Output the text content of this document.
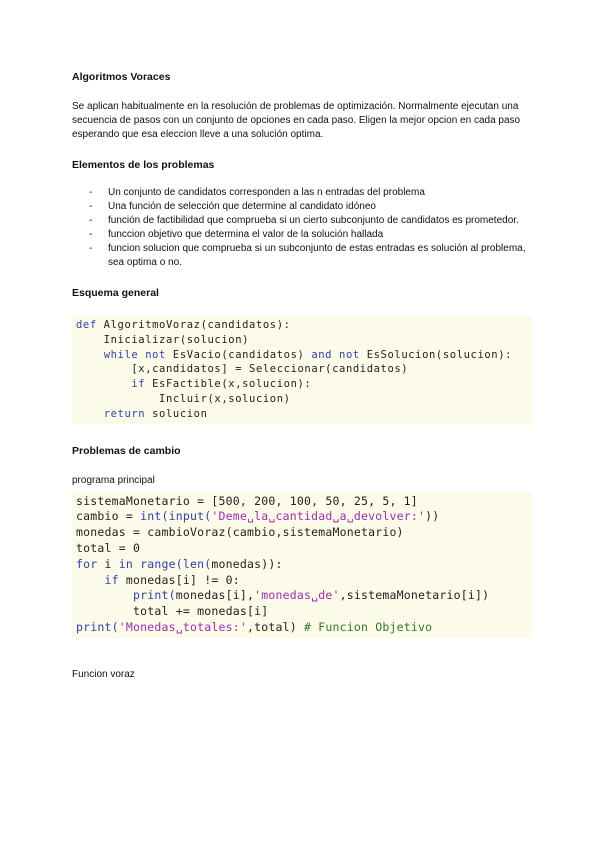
Algoritmos Voraces

Se aplican habitualmente en la resolución de problemas de optimización. Normalmente ejecutan una secuencia de pasos con un conjunto de opciones en cada paso. Eligen la mejor opcion en cada paso esperando que esa eleccion lleve a una solución optima.

Elementos de los problemas
- Un conjunto de candidatos corresponden a las n entradas del problema
- Una función de selección que determine al candidato idóneo
- función de factibilidad que comprueba si un cierto subconjunto de candidatos es prometedor.
- funccion objetivo que determina el valor de la solución hallada
- funcion solucion que comprueba si un subconjunto de estas entradas es solución al problema, sea optima o no.
Esquema general
def AlgoritmoVoraz(candidatos):
Inicializar(solucion)
while not EsVacio(candidatos) and not EsSolucion(solucion):
[x,candidatos] = Seleccionar(candidatos)
if EsFactible(x,solucion):
Incluir(x,solucion)
return solucion
Problemas de cambio

programa principal

sistemaMonetario = [500, 200, 100, 50, 25, 5, 1]
cambio = int(input('Deme␣la␣cantidad␣a␣devolver:'))
monedas = cambioVoraz(cambio,sistemaMonetario)
total = 0
for i in range(len(monedas)):
if monedas[i] != 0:
print(monedas[i],'monedas␣de',sistemaMonetario[i])
total += monedas[i]
print('Monedas␣totales:',total) # Funcion Objetivo

Funcion voraz
